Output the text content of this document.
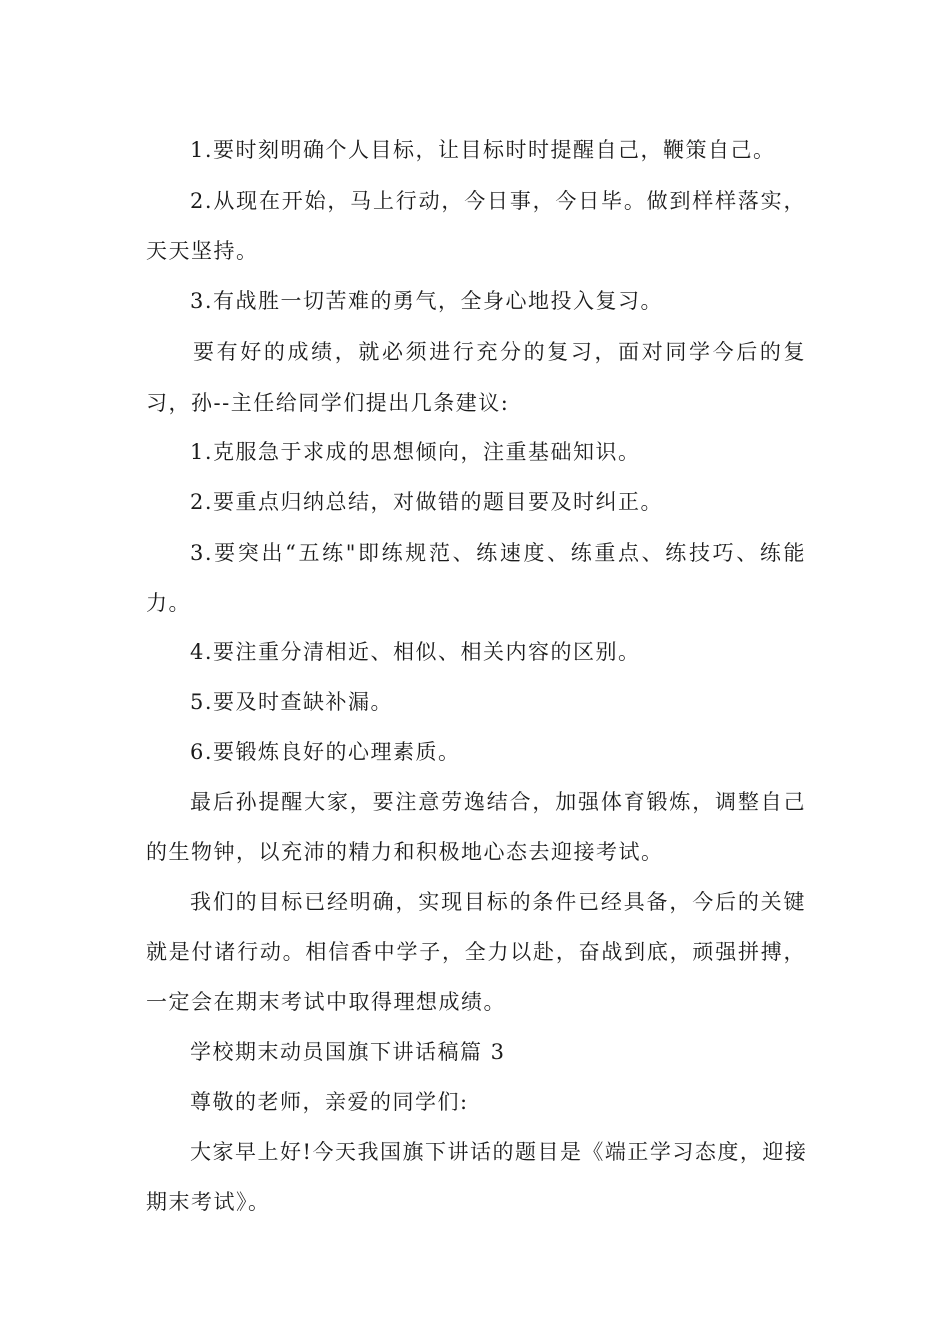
1.要时刻明确个人目标，让目标时时提醒自己，鞭策自己。
2.从现在开始，马上行动，今日事，今日毕。做到样样落实，
天天坚持。
3.有战胜一切苦难的勇气，全身心地投入复习。
要有好的成绩，就必须进行充分的复习，面对同学今后的复
习，孙--主任给同学们提出几条建议:
1.克服急于求成的思想倾向，注重基础知识。
2.要重点归纳总结，对做错的题目要及时纠正。
3.要突出“五练"即练规范、练速度、练重点、练技巧、练能
力。
4.要注重分清相近、相似、相关内容的区别。
5.要及时查缺补漏。
6.要锻炼良好的心理素质。
最后孙提醒大家，要注意劳逸结合，加强体育锻炼，调整自己
的生物钟，以充沛的精力和积极地心态去迎接考试。
我们的目标已经明确，实现目标的条件已经具备，今后的关键
就是付诸行动。相信香中学子，全力以赴，奋战到底，顽强拼搏，
一定会在期末考试中取得理想成绩。
学校期末动员国旗下讲话稿篇 3
尊敬的老师，亲爱的同学们:
大家早上好!今天我国旗下讲话的题目是《端正学习态度，迎接
期末考试》。
